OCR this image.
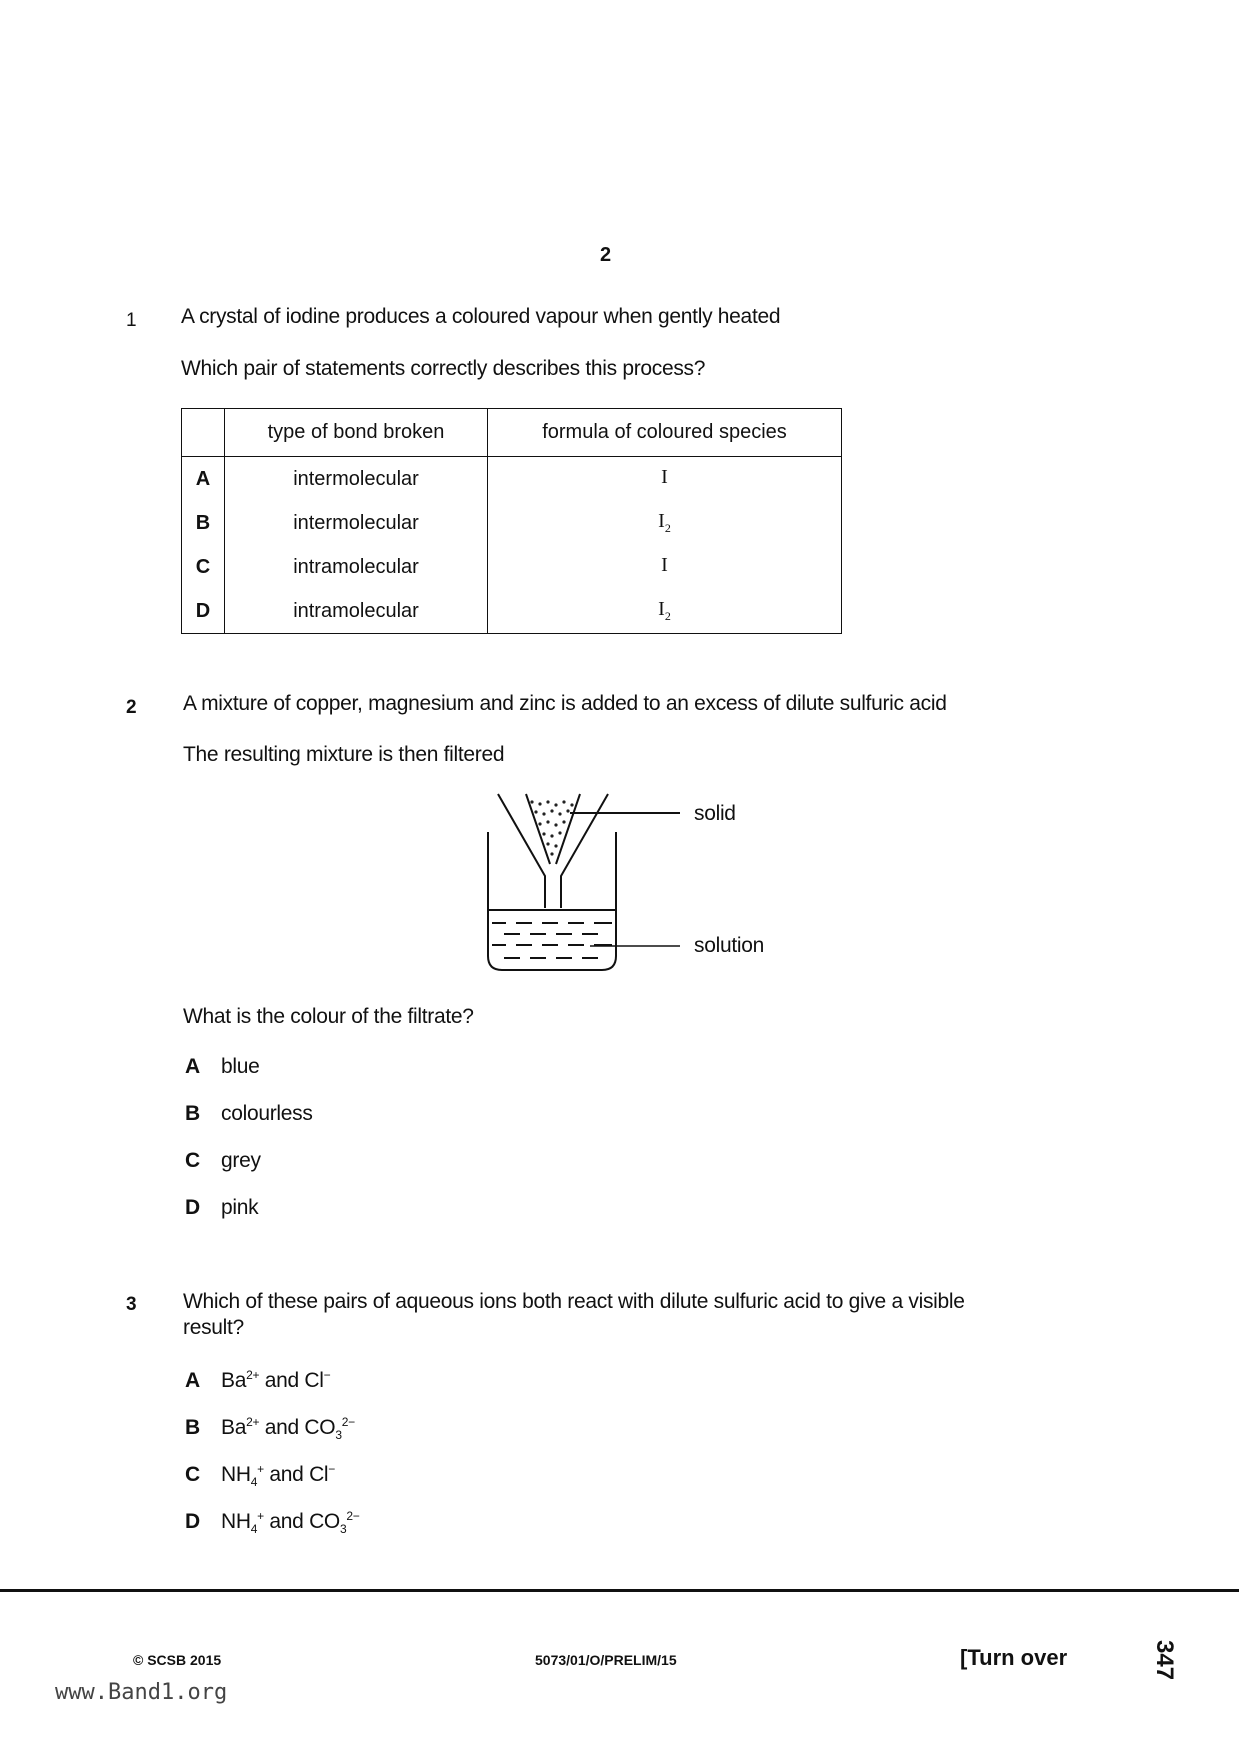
2
1 A crystal of iodine produces a coloured vapour when gently heated
Which pair of statements correctly describes this process?
	type of bond broken	formula of coloured species
A	intermolecular	I
B	intermolecular	$I_2$
C	intramolecular	I
D	intramolecular	$I_2$
2 A mixture of copper, magnesium and zinc is added to an excess of dilute sulfuric acid
The resulting mixture is then filtered
solid
solution
What is the colour of the filtrate?
A blue
B colourless
C grey
D pink
3 Which of these pairs of aqueous ions both react with dilute sulfuric acid to give a visible
result?
A $Ba^{2+}$ and Cl−
B $Ba^{2+}$ and $CO_3^{2-}$
C $NH_4^+$ and Cl−
D $NH_4^+$ and $CO_3^{2-}$
© SCSB 2015	5073/01/O/PRELIM/15	[Turn over	347
www.Band1.org
